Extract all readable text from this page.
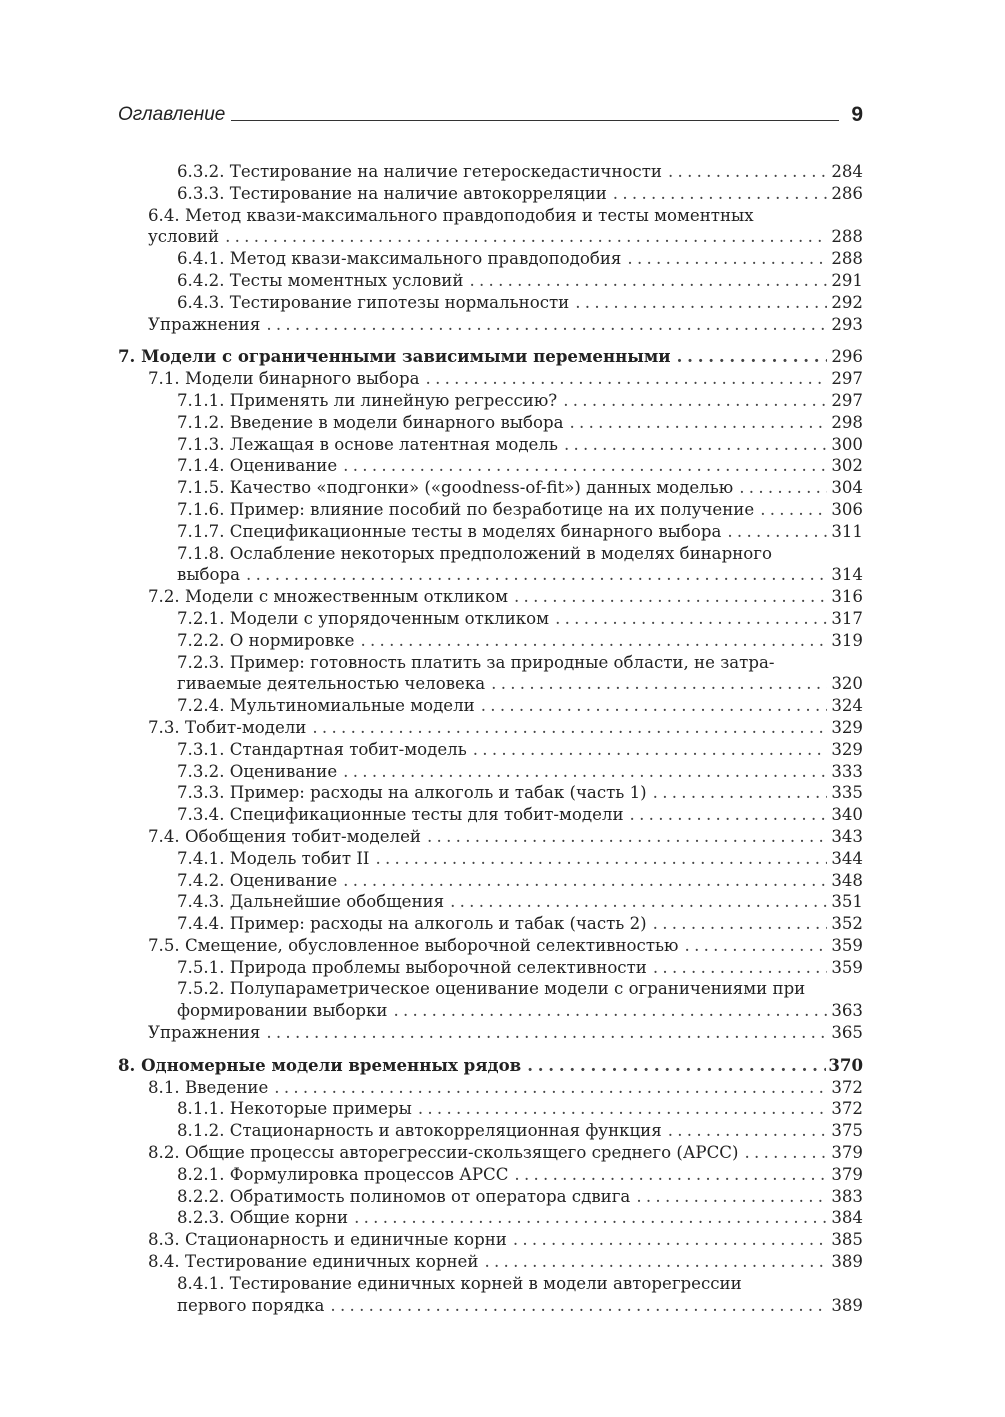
Оглавление	9
6.3.2. Тестирование на наличие гетероскедастичности . . .	284
6.3.3. Тестирование на наличие автокорреляции . . .	286
6.4. Метод квази-максимального правдоподобия и тесты моментных
условий . . .	288
6.4.1. Метод квази-максимального правдоподобия . . .	288
6.4.2. Тесты моментных условий . . .	291
6.4.3. Тестирование гипотезы нормальности . . .	292
Упражнения . . .	293
7. Модели с ограниченными зависимыми переменными . . .	296
7.1. Модели бинарного выбора . . .	297
7.1.1. Применять ли линейную регрессию? . . .	297
7.1.2. Введение в модели бинарного выбора . . .	298
7.1.3. Лежащая в основе латентная модель . . .	300
7.1.4. Оценивание . . .	302
7.1.5. Качество «подгонки» («goodness-of-fit») данных моделью . . .	304
7.1.6. Пример: влияние пособий по безработице на их получение . . .	306
7.1.7. Спецификационные тесты в моделях бинарного выбора . . .	311
7.1.8. Ослабление некоторых предположений в моделях бинарного
выбора . . .	314
7.2. Модели с множественным откликом . . .	316
7.2.1. Модели с упорядоченным откликом . . .	317
7.2.2. О нормировке . . .	319
7.2.3. Пример: готовность платить за природные области, не затра-
гиваемые деятельностью человека . . .	320
7.2.4. Мультиномиальные модели . . .	324
7.3. Тобит-модели . . .	329
7.3.1. Стандартная тобит-модель . . .	329
7.3.2. Оценивание . . .	333
7.3.3. Пример: расходы на алкоголь и табак (часть 1) . . .	335
7.3.4. Спецификационные тесты для тобит-модели . . .	340
7.4. Обобщения тобит-моделей . . .	343
7.4.1. Модель тобит II . . .	344
7.4.2. Оценивание . . .	348
7.4.3. Дальнейшие обобщения . . .	351
7.4.4. Пример: расходы на алкоголь и табак (часть 2) . . .	352
7.5. Смещение, обусловленное выборочной селективностью . . .	359
7.5.1. Природа проблемы выборочной селективности . . .	359
7.5.2. Полупараметрическое оценивание модели с ограничениями при
формировании выборки . . .	363
Упражнения . . .	365
8. Одномерные модели временных рядов . . .	370
8.1. Введение . . .	372
8.1.1. Некоторые примеры . . .	372
8.1.2. Стационарность и автокорреляционная функция . . .	375
8.2. Общие процессы авторегрессии-скользящего среднего (АРСС) . . .	379
8.2.1. Формулировка процессов АРСС . . .	379
8.2.2. Обратимость полиномов от оператора сдвига . . .	383
8.2.3. Общие корни . . .	384
8.3. Стационарность и единичные корни . . .	385
8.4. Тестирование единичных корней . . .	389
8.4.1. Тестирование единичных корней в модели авторегрессии
первого порядка . . .	389
